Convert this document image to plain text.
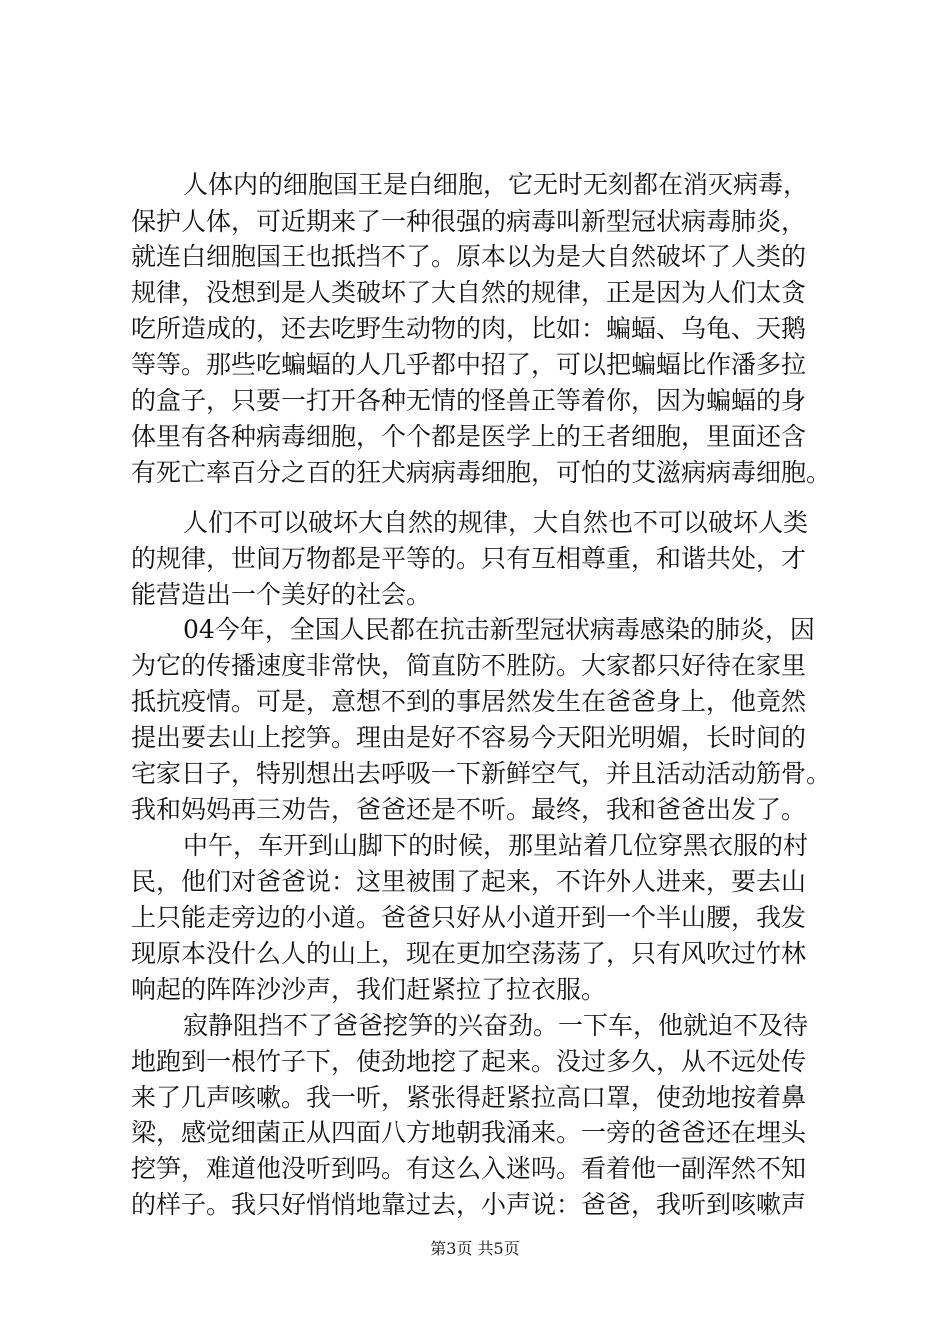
人体内的细胞国王是白细胞，它无时无刻都在消灭病毒，
保护人体，可近期来了一种很强的病毒叫新型冠状病毒肺炎，
就连白细胞国王也抵挡不了。原本以为是大自然破坏了人类的
规律，没想到是人类破坏了大自然的规律，正是因为人们太贪
吃所造成的，还去吃野生动物的肉，比如：蝙蝠、乌龟、天鹅
等等。那些吃蝙蝠的人几乎都中招了，可以把蝙蝠比作潘多拉
的盒子，只要一打开各种无情的怪兽正等着你，因为蝙蝠的身
体里有各种病毒细胞，个个都是医学上的王者细胞，里面还含
有死亡率百分之百的狂犬病病毒细胞，可怕的艾滋病病毒细胞。
人们不可以破坏大自然的规律，大自然也不可以破坏人类
的规律，世间万物都是平等的。只有互相尊重，和谐共处，才
能营造出一个美好的社会。
04今年，全国人民都在抗击新型冠状病毒感染的肺炎，因
为它的传播速度非常快，简直防不胜防。大家都只好待在家里
抵抗疫情。可是，意想不到的事居然发生在爸爸身上，他竟然
提出要去山上挖笋。理由是好不容易今天阳光明媚，长时间的
宅家日子，特别想出去呼吸一下新鲜空气，并且活动活动筋骨。
我和妈妈再三劝告，爸爸还是不听。最终，我和爸爸出发了。
中午，车开到山脚下的时候，那里站着几位穿黑衣服的村
民，他们对爸爸说：这里被围了起来，不许外人进来，要去山
上只能走旁边的小道。爸爸只好从小道开到一个半山腰，我发
现原本没什么人的山上，现在更加空荡荡了，只有风吹过竹林
响起的阵阵沙沙声，我们赶紧拉了拉衣服。
寂静阻挡不了爸爸挖笋的兴奋劲。一下车，他就迫不及待
地跑到一根竹子下，使劲地挖了起来。没过多久，从不远处传
来了几声咳嗽。我一听，紧张得赶紧拉高口罩，使劲地按着鼻
梁，感觉细菌正从四面八方地朝我涌来。一旁的爸爸还在埋头
挖笋，难道他没听到吗。有这么入迷吗。看着他一副浑然不知
的样子。我只好悄悄地靠过去，小声说：爸爸，我听到咳嗽声
第3页 共5页
